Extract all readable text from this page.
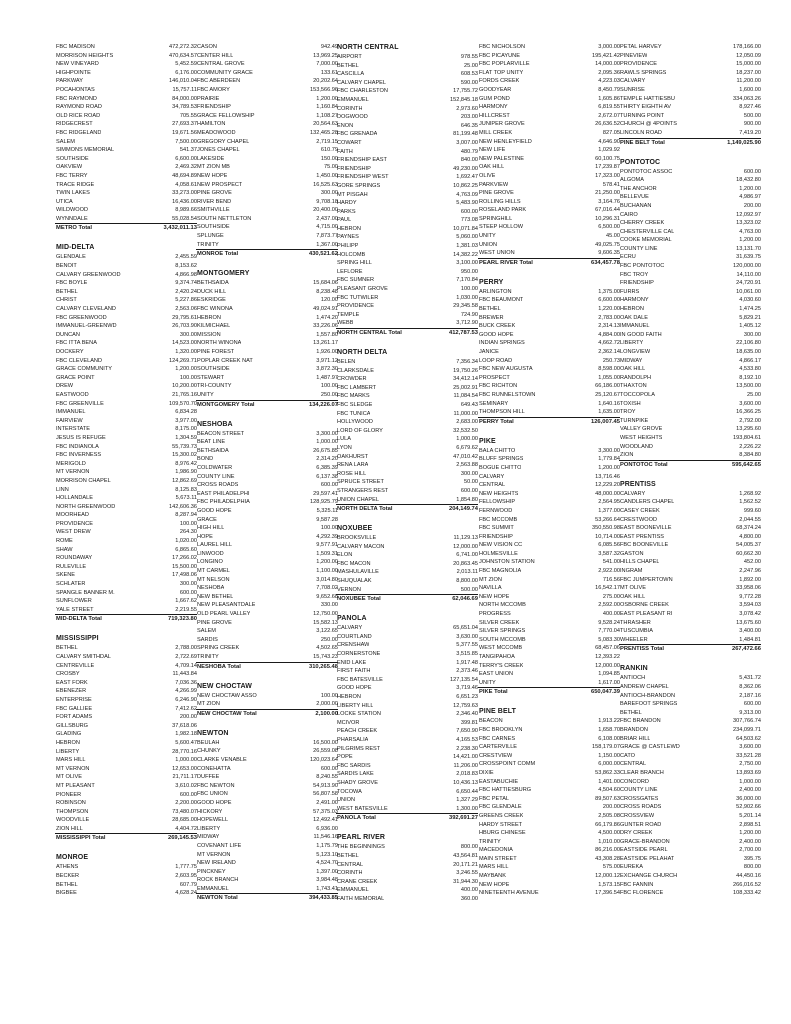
FBC MADISON	472,272.32
MORRISON HEIGHTS	470,634.57
NEW VINEYARD	5,452.59
HIGHPOINTE	6,176.00
PARKWAY	146,010.04
POCAHONTAS	15,757.11
FBC RAYMOND	84,000.00
RAYMOND ROAD	34,789.53
OLD RICE ROAD	705.55
RIDGECREST	27,693.37
FBC RIDGELAND	19,671.56
SALEM	7,500.00
SIMMONS MEMORIAL	541.37
SOUTHSIDE	6,600.00
OAKVIEW	2,469.32
FBC TERRY	48,694.89
TRACE RIDGE	4,058.61
TWIN LAKES	33,273.00
UTICA	16,436.00
WILDWOOD	8,989.66
WYNNDALE	55,028.54
METRO Total	3,432,011.13
MID-DELTA
GLENDALE	2,455.59
BENOIT	8,153.62
CALVARY GREENWOOD	4,866.98
FBC BOYLE	9,374.74
BETHEL	2,420.24
CHRIST	5,227.86
CALVARY CLEVELAND	2,563.06
FBC GREENWOOD	29,795.61
IMMANUEL-GREENWD	26,703.90
DUNCAN	300.00
FBC ITTA BENA	14,523.00
DOCKERY	1,320.00
FBC CLEVELAND	124,269.71
GRACE COMMUNITY	1,200.00
GRACE POINT	100.00
DREW	10,200.00
EASTWOOD	21,765.16
FBC GREENVILLE	109,570.70
IMMANUEL	6,834.28
FAIRVIEW	3,977.00
INTERSTATE	8,175.00
JESUS IS REFUGE	1,304.59
FBC INDIANOLA	55,739.73
FBC INVERNESS	15,300.02
MERIGOLD	8,976.42
MT VERNON	1,986.90
MORRISON CHAPEL	12,862.69
LINN	8,125.83
HOLLANDALE	5,673.11
NORTH GREENWOOD	142,606.36
MOORHEAD	8,287.94
PROVIDENCE	100.00
WEST DREW	264.30
ROME	1,020.00
SHAW	6,865.60
ROUNDAWAY	17,266.02
RULEVILLE	15,500.00
SKENE	17,498.06
SCHLATER	300.00
SPANGLE BANNER M.	600.00
SUNFLOWER	1,667.62
YALE STREET	2,219.55
MID-DELTA Total	719,323.80
MISSISSIPPI
BETHEL	2,788.00
CALVARY SMITHDAL	2,722.69
CENTREVILLE	4,709.14
CROSBY	11,443.84
EAST FORK	7,036.36
EBENEZER	4,266.99
ENTERPRISE	6,246.90
FBC GALLIEE	7,412.62
FORT ADAMS	200.00
GILLSBURG	37,618.06
GLADING	1,982.18
HEBRON	5,600.47
LIBERTY	28,770.16
MARS HILL	1,000.00
MT VERNON	12,653.00
MT OLIVE	21,711.17
MT PLEASANT	3,610.02
PIONEER	600.00
ROBINSON	2,200.00
THOMPSON	73,480.07
WOODVILLE	28,685.00
ZION HILL	4,404.72
MISSISSIPPI Total	269,145.53
MONROE
ATHENS	1,777.75
BECKER	2,603.95
BETHEL	607.79
BIGBEE	4,628.24
CASON	942.49
CENTER HILL	13,969.25
CENTRAL GROVE	7,000.00
COMMUNITY GRACE	133.61
FBC ABERDEEN	20,202.64
FBC AMORY	153,566.96
PRAIRIE	1,200.00
FRIENDSHIP	1,160.84
GRACE FELLOWSHIP	1,108.27
HAMILTON	20,564.63
MEADOWOOD	132,465.28
GREGORY CHAPEL	2,719.15
JONES CHAPEL	610.79
LAKESIDE	150.00
MT ZION MB	75.00
NEW HOPE	1,450.00
NEW PROSPECT	16,525.63
PINE GROVE	300.00
RIVER BEND	9,708.18
SMITHVILLE	20,400.00
SOUTH NETTLETON	2,437.00
SOUTHSIDE	4,715.00
SPLUNGE	7,873.77
TRINITY	1,367.00
MONROE Total	430,521.62
MONTGOMERY
BETHSAIDA	15,684.06
DUCK HILL	8,238.48
ESKRIDGE	120.00
FBC WINONA	49,024.91
HEBRON	1,474.20
KILMICHAEL	33,226.06
MISSION	1,557.80
NORTH WINONA	13,261.17
PINE FOREST	1,926.00
POPLAR CREEK NAT	3,971.12
SOUTHSIDE	3,872.30
STEWART	1,487.97
TRI-COUNTY	100.00
UNITY	250.00
MONTGOMERY Total	134,226.07
NESHOBA
BEACON STREET	3,300.00
BEAT LINE	1,000.00
BETHSAIDA	26,675.85
BOND	2,314.20
COLDWATER	6,385.39
COUNTY LINE	6,137.38
CROSS ROADS	600.00
EAST PHILADELPHI	29,597.41
FBC PHILADELPHIA	128,925.79
GOOD HOPE	5,325.11
GRACE	9,587.28
HIGH HILL	100.00
HOPE	4,292.39
LAUREL HILL	9,577.91
LINWOOD	1,509.31
LONGINO	1,200.00
MT CARMEL	1,100.00
MT NELSON	3,014.80
NESHOBA	7,708.02
NEW BETHEL	9,652.68
NEW PLEASANTDALE	330.00
OLD PEARL VALLEY	12,750.00
PINE GROVE	15,582.13
SALEM	3,122.65
SARDIS	250.00
SPRING CREEK	4,502.65
TRINITY	15,743.23
NESHOBA Total	310,265.48
NEW CHOCTAW
NEW CHOCTAW ASSO	100.00
MT ZION	2,000.00
NEW CHOCTAW Total	2,100.00
NEWTON
BEULAH	16,500.00
CHUNKY	26,559.08
CLARKE VENABLE	120,023.64
CONEHATTA	600.00
DUFFEE	8,240.55
FBC NEWTON	54,913.90
FBC UNION	56,807.58
GOOD HOPE	2,491.00
HICKORY	57,375.03
HOPEWELL	12,492.41
LIBERTY	6,936.00
MIDWAY	11,546.16
COVENANT LIFE	1,175.79
MT VERNON	5,123.10
NEW IRELAND	4,524.70
PINCKNEY	1,397.00
ROCK BRANCH	3,984.48
EMMANUEL	1,743.41
NEWTON Total	394,433.85
NORTH CENTRAL
AIRPORT	978.55
BETHEL	25.00
CASCILLA	608.53
CALVARY CHAPEL	590.00
FBC CHARLESTON	17,755.72
EMMANUEL	152,845.18
CORINTH	2,973.60
DOGWOOD	203.00
ENON	646.35
FBC GRENADA	81,199.48
COWART	3,007.00
FAITH	480.79
FRIENDSHIP EAST	840.00
FRIENDSHIP	49,230.00
FRIENDSHIP WEST	1,692.47
GORE SPRINGS	10,862.25
MT PISGAH	4,763.09
HARDY	5,483.90
PARKS	600.00
PAUL	773.08
HEBRON	10,071.84
PAYNES	5,060.00
PHILIPP	1,381.03
HOLCOMB	14,382.22
SPRING HILL	3,100.00
LEFLORE	950.00
FBC SUMNER	7,170.84
PLEASANT GROVE	100.00
FBC TUTWILER	1,030.00
PROVIDENCE	29,345.58
TEMPLE	724.90
WEBB	3,712.90
NORTH CENTRAL Total	412,787.53
NORTH DELTA
BELEN	7,356.34
CLARKSDALE	19,750.26
CROWDER	34,412.14
FBC LAMBERT	25,002.91
FBC MARKS	11,084.54
FBC SLEDGE	649.43
FBC TUNICA	11,000.00
HOLLYWOOD	2,683.00
LORD OF GLORY	32,532.50
LULA	1,000.00
LYON	6,679.62
OAKHURST	47,010.42
RENA LARA	2,563.88
ROSE HILL	300.00
SPRUCE STREET	50.00
STRANGERS REST	600.00
UNION CHAPEL	1,854.80
NORTH DELTA Total	204,149.74
NOXUBEE
BROOKSVILLE	11,129.13
CALVARY MACON	12,000.00
ELON	6,741.00
FBC MACON	20,863.45
MASHULAVILLE	2,013.11
SHUQUALAK	8,800.00
VERNON	500.00
NOXUBEE Total	62,046.69
PANOLA
CALVARY	65,651.04
COURTLAND	3,630.00
CRENSHAW	5,377.55
CORNERSTONE	3,515.85
ENID LAKE	1,917.48
FIRST FAITH	2,373.46
FBC BATESVILLE	127,135.54
GOOD HOPE	3,719.46
HEBRON	6,651.23
LIBERTY HILL	12,759.63
LOCKE STATION	2,346.40
MCIVOR	399.81
PEACH CREEK	7,650.90
PHARSALIA	4,165.53
PILGRIMS REST	2,238.30
POPE	14,421.00
FBC SARDIS	11,206.00
SARDIS LAKE	2,018.83
SHADY GROVE	10,436.13
TOCOWA	6,650.44
UNION	1,327.29
WEST BATESVILLE	1,300.00
PANOLA Total	392,691.27
PEARL RIVER
THE BEGINNINGS	800.00
BETHEL	43,564.81
CENTRAL	20,171.21
CORINTH	3,246.55
CRANE CREEK	31,944.30
EMMANUEL	400.00
FAITH MEMORIAL	360.00
FBC NICHOLSON	3,000.00
FBC PICAYUNE	195,421.42
FBC POPLARVILLE	14,000.00
FLAT TOP UNITY	2,095.36
FORDS CREEK	4,223.03
GOODYEAR	8,450.79
GUM POND	1,605.86
HARMONY	6,819.55
HILLCREST	2,672.07
JUNIPER GROVE	26,636.52
MILL CREEK	827.05
NEW HENLEYFIELD	4,646.90
NEW LIFE	1,029.92
NEW PALESTINE	60,100.75
OAK HILL	17,239.87
OLIVE	17,323.00
PARKVIEW	578.41
PINE GROVE	21,250.00
ROLLING HILLS	3,164.76
ROSELAND PARK	67,016.44
SPRINGHILL	10,296.31
STEEP HOLLOW	6,500.00
UNITY	45.00
UNION	49,025.75
WEST UNION	9,606.35
PEARL RIVER Total	634,457.78
PERRY
ARLINGTON	1,375.00
FBC BEAUMONT	6,600.00
BETHEL	1,220.00
BREWER	2,783.00
BUCK CREEK	2,314.13
GOOD HOPE	4,884.00
INDIAN SPRINGS	4,662.72
JANICE	2,362.14
LOOP ROAD	250.73
FBC NEW AUGUSTA	8,598.00
PROSPECT	1,055.00
FBC RICHTON	66,186.00
FBC RUNNELSTOWN	25,120.67
SEMINARY	1,640.16
THOMPSON HILL	1,635.00
PERRY Total	126,007.45
PIKE
BALA CHITTO	3,300.00
BLUFF SPRINGS	1,779.84
BOGUE CHITTO	1,200.00
CALVARY	13,716.46
CENTRAL	12,229.20
NEW HEIGHTS	48,000.00
FELLOWSHIP	2,564.95
FERNWOOD	1,377.00
FBC MCCOMB	53,266.64
FBC SUMMIT	350,550.98
FRIENDSHIP	10,714.00
NEW VISION CC	6,085.56
HOLMESVILLE	3,587.32
JOHNSTON STATION	541.00
FBC MAGNOLIA	2,922.00
MT ZION	716.56
NAVILLA	16,542.17
NEW HOPE	275.00
NORTH MCCOMB	2,592.00
PROGRESS	400.00
SILVER CREEK	9,528.24
SILVER SPRINGS	7,770.04
SOUTH MCCOMB	5,083.30
WEST MCCOMB	68,457.06
TANGIPAHOA	12,393.22
TERRY'S CREEK	12,000.00
EAST UNION	1,094.85
UNITY	1,617.00
PIKE Total	650,047.39
PINE BELT
BEACON	1,913.22
FBC BROOKLYN	1,658.70
FBC CARNES	6,108.00
CARTERVILLE	158,179.07
CRESTVIEW	1,150.00
CROSSPOINT COMM	6,000.00
DIXIE	53,862.33
EASTABUCHIE	1,401.00
FBC HATTIESBURG	4,504.60
FBC PETAL	89,507.63
FBC GLENDALE	200.00
GREENS CREEK	2,505.08
HARDY STREET	66,179.86
HBURG CHINESE	4,500.00
TRINITY	1,010.00
MACEDONIA	86,216.00
MAIN STREET	43,308.28
MARS HILL	575.00
MAYBANK	12,000.12
NEW HOPE	1,573.15
NINETEENTH AVENUE	17,396.54
PETAL HARVEY	178,166.00
PINEVIEW	12,050.09
PROVIDENCE	15,000.00
RAWLS SPRINGS	18,237.00
CALVARY	11,200.00
SUNRISE	1,600.00
TEMPLE HATTIESBU	334,063.26
THIRTY EIGHTH AV	8,927.46
TURNING POINT	500.00
CHURCH @ 4POINTS	900.00
LINCOLN ROAD	7,419.20
PINE BELT Total	1,149,025.90
PONTOTOC
PONTOTOC ASSOC	600.00
ALGOMA	18,432.80
THE ANCHOR	1,200.00
BELLEVUE	4,986.97
BUCHANAN	200.00
CAIRO	12,092.97
CHERRY CREEK	13,323.02
CHESTERVILLE CAL	4,763.00
COOKE MEMORIAL	1,200.00
COUNTY LINE	13,131.70
ECRU	31,639.75
FBC PONTOTOC	120,000.00
FBC TROY	14,110.00
FRIENDSHIP	24,720.91
FURRS	10,061.00
HARMONY	4,030.60
HEBRON	1,474.25
OAK DALE	5,829.21
IMMANUEL	1,405.12
IN GOOD FAITH	300.00
LIBERTY	22,106.80
LONGVIEW	18,635.00
MIDWAY	4,866.17
OAK HILL	4,533.80
RANDOLPH	8,192.10
THAXTON	13,500.00
TOCCOPOLA	25.00
TOXISH	3,600.00
TROY	16,366.25
TURNPIKE	2,792.00
VALLEY GROVE	13,295.60
WEST HEIGHTS	193,804.61
WOODLAND	2,226.22
ZION	8,384.80
PONTOTOC Total	595,642.65
PRENTISS
CALVARY	1,268.92
CANDLERS CHAPEL	1,562.52
CASEY CREEK	999.60
CRESTWOOD	2,044.55
EAST BOONEVILLE	68,374.24
EAST PRENTISS	4,800.00
FBC BOONEVILLE	54,005.37
GASTON	60,662.30
HILLS CHAPEL	452.00
INGRAM	2,247.96
FBC JUMPERTOWN	1,892.00
MT OLIVE	33,958.06
OAK HILL	9,772.28
OSBORNE CREEK	3,594.03
EAST PLEASANT RI	3,078.42
THRASHER	13,675.60
TUSCUMBIA	3,400.00
WHEELER	1,484.81
PRENTISS Total	267,472.66
RANKIN
ANTIOCH	5,431.72
ANDREW CHAPEL	8,362.06
ANTIOCH-BRANDON	2,187.16
BAREFOOT SPRINGS	600.00
BETHEL	9,313.00
FBC BRANDON	307,766.74
BRANDON	234,099.71
BRIAR HILL	64,503.62
GRACE @ CASTLEWD	3,600.00
CATO	33,521.28
CENTRAL	2,750.00
CLEAR BRANCH	13,893.69
CONCORD	1,000.00
COUNTY LINE	2,400.00
CROSSGATES	36,000.00
CROSS ROADS	52,902.66
CROSSVIEW	5,201.14
GUNTER ROAD	2,898.51
DRY CREEK	1,200.00
GRACE-BRANDON	2,400.00
EASTSIDE PEARL	2,700.00
EASTSIDE PELAHAT	395.75
EUREKA	800.00
EXCHANGE CHURCH	44,450.16
FBC FANNIN	266,016.52
FBC FLORENCE	108,333.42
